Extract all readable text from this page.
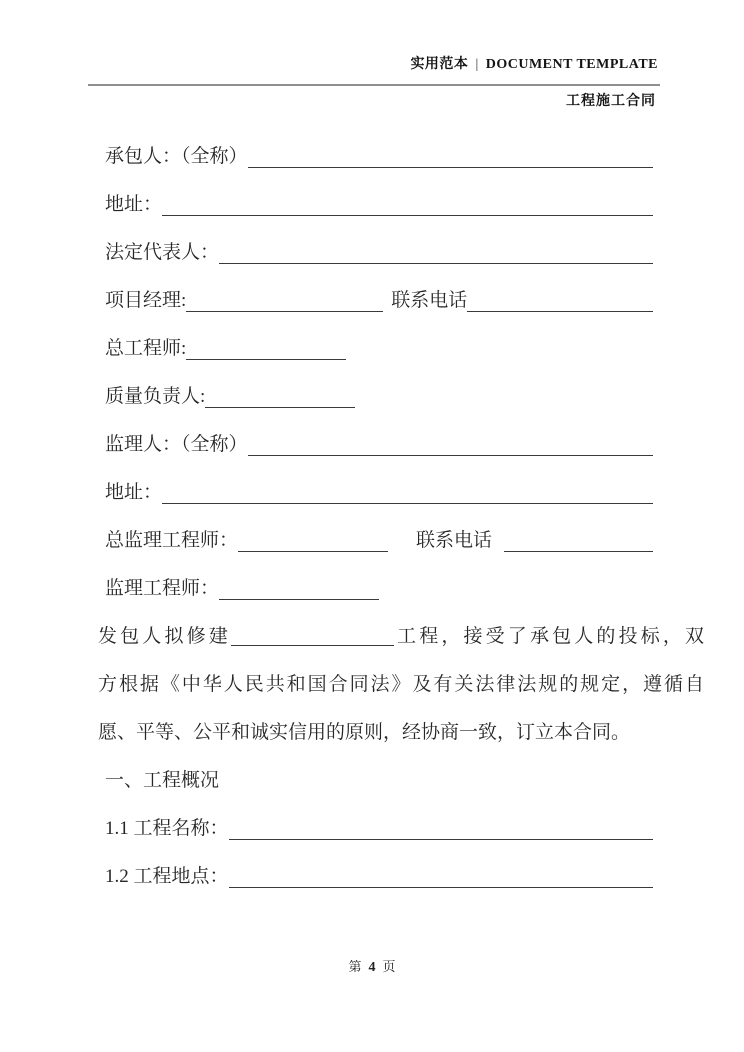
实用范本 | DOCUMENT TEMPLATE
工程施工合同
承包人：（全称）
地址：
法定代表人：
项目经理:	联系电话
总工程师:
质量负责人:
监理人：（全称）
地址：
总监理工程师：	联系电话
监理工程师：
发包人拟修建	工程，接受了承包人的投标，双
方根据《中华人民共和国合同法》及有关法律法规的规定，遵循自
愿、平等、公平和诚实信用的原则，经协商一致，订立本合同。
一、工程概况
1.1 工程名称：
1.2 工程地点：
第 4 页
